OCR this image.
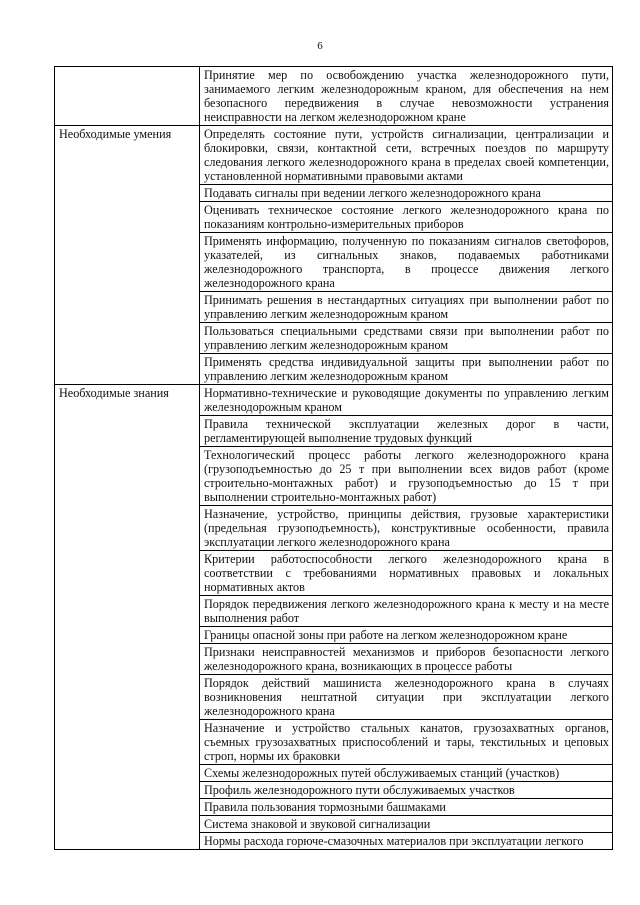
6
	Принятие мер по освобождению участка железнодорожного пути, занимаемого легким железнодорожным краном, для обеспечения на нем безопасного передвижения в случае невозможности устранения неисправности на легком железнодорожном кране

Необходимые умения	Определять состояние пути, устройств сигнализации, централизации и блокировки, связи, контактной сети, встречных поездов по маршруту следования легкого железнодорожного крана в пределах своей компетенции, установленной нормативными правовыми актами
	Подавать сигналы при ведении легкого железнодорожного крана
	Оценивать техническое состояние легкого железнодорожного крана по показаниям контрольно-измерительных приборов
	Применять информацию, полученную по показаниям сигналов светофоров, указателей, из сигнальных знаков, подаваемых работниками железнодорожного транспорта, в процессе движения легкого железнодорожного крана
	Принимать решения в нестандартных ситуациях при выполнении работ по управлению легким железнодорожным краном
	Пользоваться специальными средствами связи при выполнении работ по управлению легким железнодорожным краном
	Применять средства индивидуальной защиты при выполнении работ по управлению легким железнодорожным краном

Необходимые знания	Нормативно-технические и руководящие документы по управлению легким железнодорожным краном
	Правила технической эксплуатации железных дорог в части, регламентирующей выполнение трудовых функций
	Технологический процесс работы легкого железнодорожного крана (грузоподъемностью до 25 т при выполнении всех видов работ (кроме строительно-монтажных работ) и грузоподъемностью до 15 т при выполнении строительно-монтажных работ)
	Назначение, устройство, принципы действия, грузовые характеристики (предельная грузоподъемность), конструктивные особенности, правила эксплуатации легкого железнодорожного крана
	Критерии работоспособности легкого железнодорожного крана в соответствии с требованиями нормативных правовых и локальных нормативных актов
	Порядок передвижения легкого железнодорожного крана к месту и на месте выполнения работ
	Границы опасной зоны при работе на легком железнодорожном кране
	Признаки неисправностей механизмов и приборов безопасности легкого железнодорожного крана, возникающих в процессе работы
	Порядок действий машиниста железнодорожного крана в случаях возникновения нештатной ситуации при эксплуатации легкого железнодорожного крана
	Назначение и устройство стальных канатов, грузозахватных органов, съемных грузозахватных приспособлений и тары, текстильных и цеповых строп, нормы их браковки
	Схемы железнодорожных путей обслуживаемых станций (участков)
	Профиль железнодорожного пути обслуживаемых участков
	Правила пользования тормозными башмаками
	Система знаковой и звуковой сигнализации
	Нормы расхода горюче-смазочных материалов при эксплуатации легкого
